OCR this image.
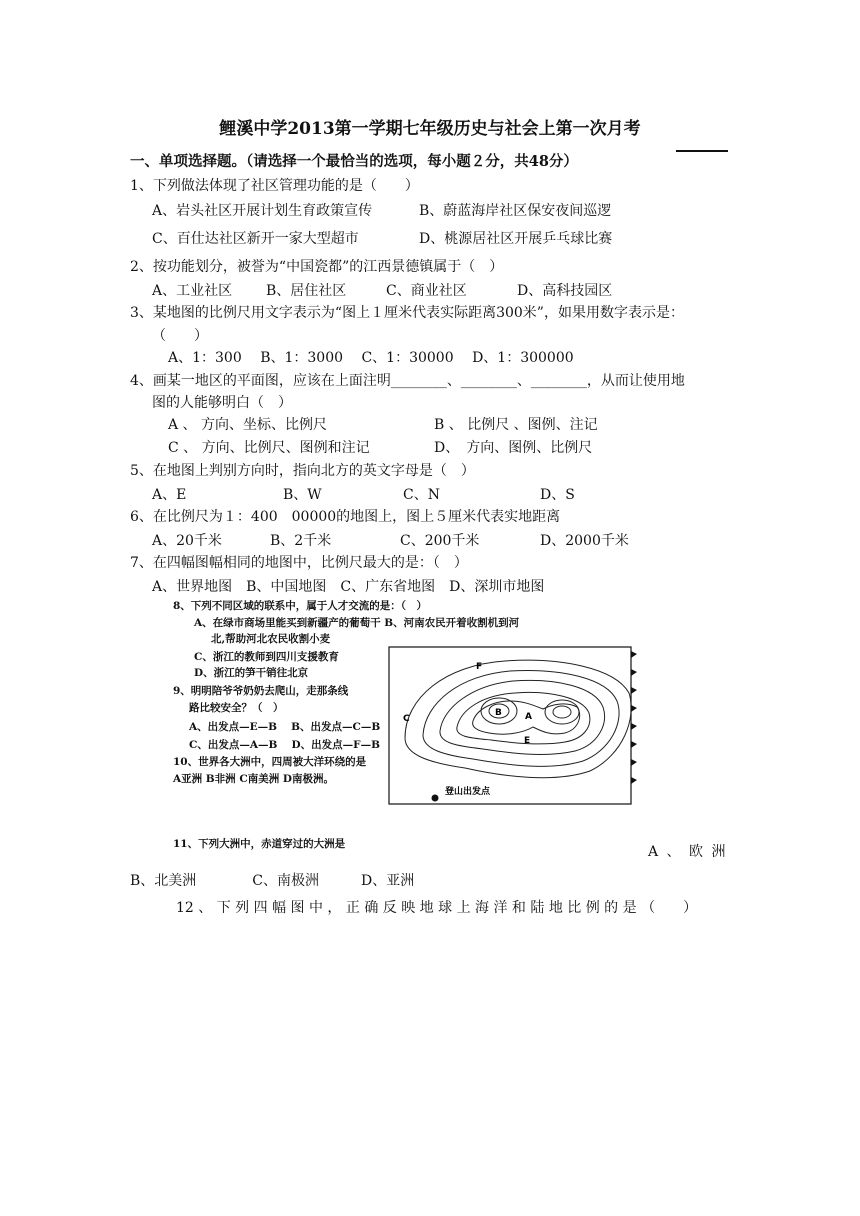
鲤溪中学2013第一学期七年级历史与社会上第一次月考
一、单项选择题。（请选择一个最恰当的选项，每小题２分，共48分）
1、下列做法体现了社区管理功能的是（　　）
A、岩头社区开展计划生育政策宣传	B、蔚蓝海岸社区保安夜间巡逻
C、百仕达社区新开一家大型超市	D、桃源居社区开展乒乓球比赛
2、按功能划分，被誉为“中国瓷都”的江西景德镇属于（　）
A、工业社区 B、居住社区	C、商业社区	D、高科技园区
3、某地图的比例尺用文字表示为“图上１厘米代表实际距离300米”，如果用数字表示是：
（　　）
A、1：300　 B、1：3000　 C、1：30000　 D、1：300000
4、画某一地区的平面图，应该在上面注明________、________、________，从而让使用地
图的人能够明白（　）
A 、 方向、坐标、比例尺	B 、 比例尺 、图例、注记
C 、 方向、比例尺、图例和注记	D、　方向、图例、比例尺
5、在地图上判别方向时，指向北方的英文字母是（　）
A、E	B、W	C、N	D、S
6、在比例尺为１：400　00000的地图上，图上５厘米代表实地距离
A、20千米	B、2千米	C、200千米	D、2000千米
7、在四幅图幅相同的地图中，比例尺最大的是：（　）
A、世界地图　B、中国地图　C、广东省地图　D、深圳市地图
8、下列不同区域的联系中，属于人才交流的是：（　）
A、在绿市商场里能买到新疆产的葡萄干 B、河南农民开着收割机到河
北,帮助河北农民收割小麦
C、浙江的教师到四川支援教育
D、浙江的笋干销往北京
9、明明陪爷爷奶奶去爬山，走那条线
路比较安全？（　）
A、出发点—E—B　 B、出发点—C—B
C、出发点—A—B　 D、出发点—F—B
10、世界各大洲中，四周被大洋环绕的是
A亚洲 B非洲 C南美洲 D南极洲。
F
B	A
C
E
登山出发点
11、下列大洲中，赤道穿过的大洲是	A 、 欧 洲
B、北美洲　　　　C、南极洲　　　D、亚洲
12 、 下 列 四 幅 图 中 ， 正 确 反 映 地 球 上 海 洋 和 陆 地 比 例 的 是 （　　）
